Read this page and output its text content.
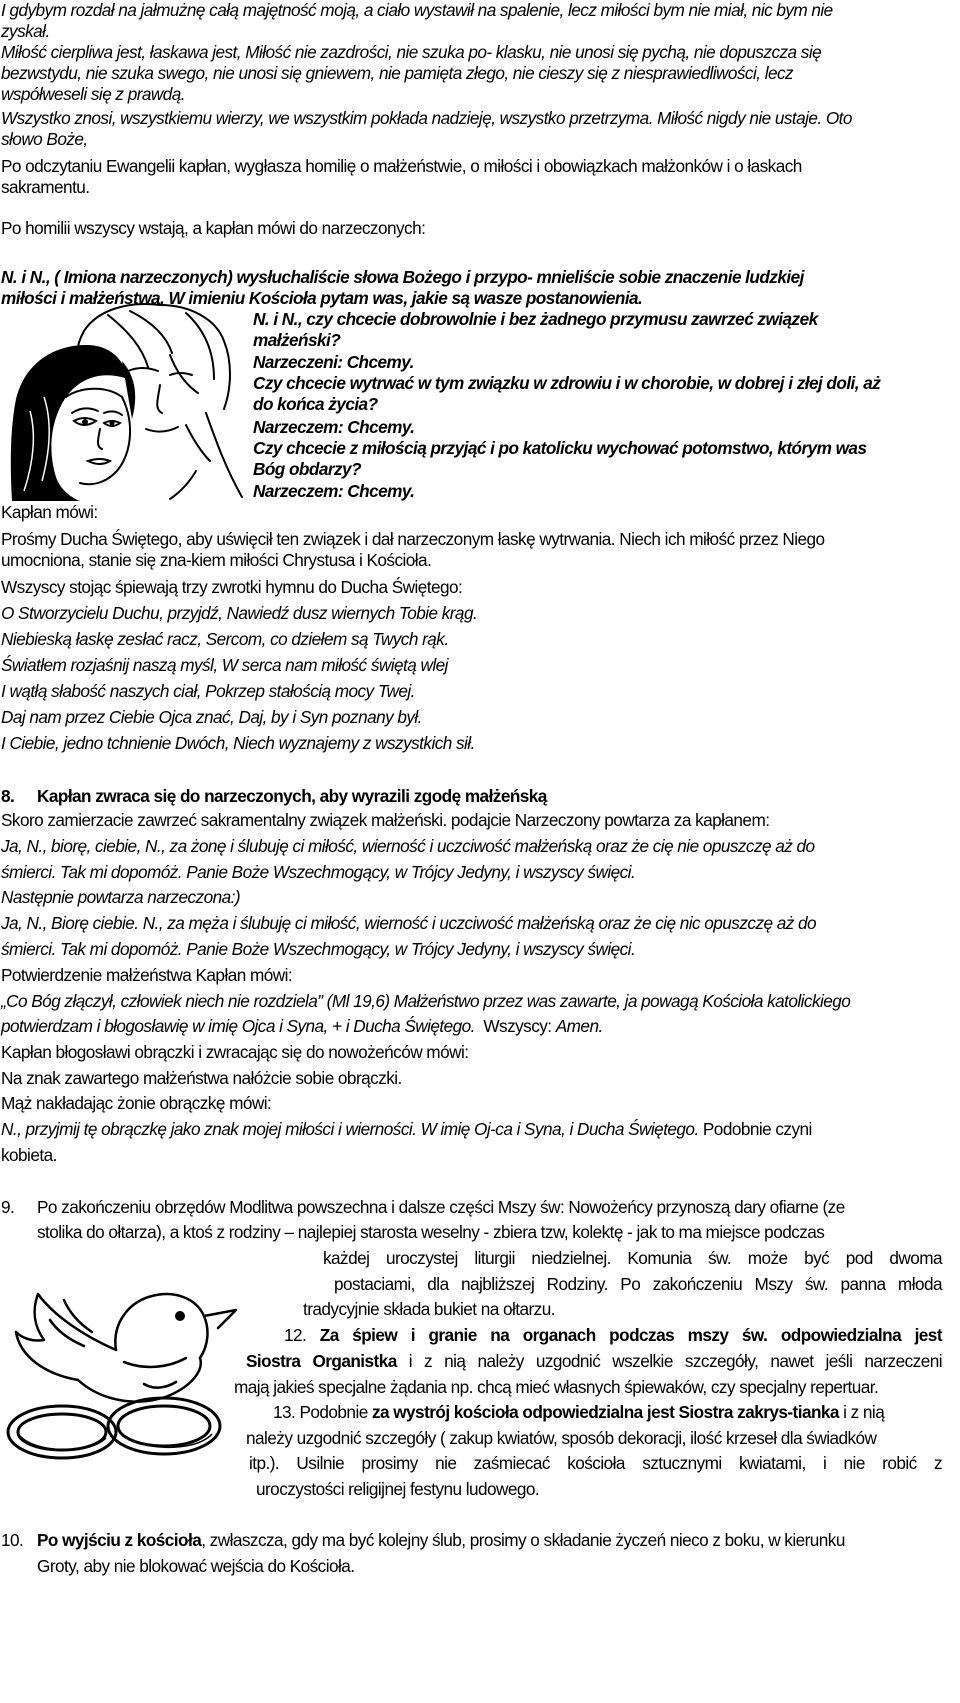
I gdybym rozdał na jałmużnę całą majętność moją, a ciało wystawił na spalenie, lecz miłości bym nie miał, nic bym nie
zyskał.
Miłość cierpliwa jest, łaskawa jest, Miłość nie zazdrości, nie szuka po- klasku, nie unosi się pychą, nie dopuszcza się
bezwstydu, nie szuka swego, nie unosi się gniewem, nie pamięta złego, nie cieszy się z niesprawiedliwości, lecz
współweseli się z prawdą.
Wszystko znosi, wszystkiemu wierzy, we wszystkim pokłada nadzieję, wszystko przetrzyma. Miłość nigdy nie ustaje. Oto
słowo Boże,
Po odczytaniu Ewangelii kapłan, wygłasza homilię o małżeństwie, o miłości i obowiązkach małżonków i o łaskach
sakramentu.
Po homilii wszyscy wstają, a kapłan mówi do narzeczonych:
N. i N., ( Imiona narzeczonych) wysłuchaliście słowa Bożego i przypo- mnieliście sobie znaczenie ludzkiej
miłości i małżeństwa. W imieniu Kościoła pytam was, jakie są wasze postanowienia.
N. i N., czy chcecie dobrowolnie i bez żadnego przymusu zawrzeć związek
małżeński?
Narzeczeni: Chcemy.
Czy chcecie wytrwać w tym związku w zdrowiu i w chorobie, w dobrej i złej doli, aż
do końca życia?
Narzeczem: Chcemy.
Czy chcecie z miłością przyjąć i po katolicku wychować potomstwo, którym was
Bóg obdarzy?
Narzeczem: Chcemy.
Kapłan mówi:
Prośmy Ducha Świętego, aby uświęcił ten związek i dał narzeczonym łaskę wytrwania. Niech ich miłość przez Niego
umocniona, stanie się zna-kiem miłości Chrystusa i Kościoła.
Wszyscy stojąc śpiewają trzy zwrotki hymnu do Ducha Świętego:
O Stworzycielu Duchu, przyjdź, Nawiedź dusz wiernych Tobie krąg.
Niebieską łaskę zesłać racz, Sercom, co dziełem są Twych rąk.
Światłem rozjaśnij naszą myśl, W serca nam miłość świętą wlej
I wątłą słabość naszych ciał, Pokrzep stałością mocy Twej.
Daj nam przez Ciebie Ojca znać, Daj, by i Syn poznany był.
I Ciebie, jedno tchnienie Dwóch, Niech wyznajemy z wszystkich sił.
8. Kapłan zwraca się do narzeczonych, aby wyrazili zgodę małżeńską
Skoro zamierzacie zawrzeć sakramentalny związek małżeński. podajcie Narzeczony powtarza za kapłanem:
Ja, N., biorę, ciebie, N., za żonę i ślubuję ci miłość, wierność i uczciwość małżeńską oraz że cię nie opuszczę aż do
śmierci. Tak mi dopomóż. Panie Boże Wszechmogący, w Trójcy Jedyny, i wszyscy święci.
Następnie powtarza narzeczona:)
Ja, N., Biorę ciebie. N., za męża i ślubuję ci miłość, wierność i uczciwość małżeńską oraz że cię nic opuszczę aż do
śmierci. Tak mi dopomóż. Panie Boże Wszechmogący, w Trójcy Jedyny, i wszyscy święci.
Potwierdzenie małżeństwa Kapłan mówi:
„Co Bóg złączył, człowiek niech nie rozdziela” (Ml 19,6) Małżeństwo przez was zawarte, ja powagą Kościoła katolickiego
potwierdzam i błogosławię w imię Ojca i Syna, + i Ducha Świętego.  Wszyscy: Amen.
Kapłan błogosławi obrączki i zwracając się do nowożeńców mówi:
Na znak zawartego małżeństwa nałóżcie sobie obrączki.
Mąż nakładając żonie obrączkę mówi:
N., przyjmij tę obrączkę jako znak mojej miłości i wierności. W imię Oj-ca i Syna, i Ducha Świętego. Podobnie czyni
kobieta.
9. Po zakończeniu obrzędów Modlitwa powszechna i dalsze części Mszy św: Nowożeńcy przynoszą dary ofiarne (ze
stolika do ołtarza), a ktoś z rodziny – najlepiej starosta weselny - zbiera tzw, kolektę - jak to ma miejsce podczas
każdej uroczystej liturgii niedzielnej. Komunia św. może być pod dwoma
postaciami, dla najbliższej Rodziny. Po zakończeniu Mszy św. panna młoda
tradycyjnie składa bukiet na ołtarzu.
12. Za śpiew i granie na organach podczas mszy św. odpowiedzialna jest
Siostra Organistka i z nią należy uzgodnić wszelkie szczegóły, nawet jeśli narzeczeni
mają jakieś specjalne żądania np. chcą mieć własnych śpiewaków, czy specjalny repertuar.
13. Podobnie za wystrój kościoła odpowiedzialna jest Siostra zakrys-tianka i z nią
należy uzgodnić szczegóły ( zakup kwiatów, sposób dekoracji, ilość krzeseł dla świadków
itp.). Usilnie prosimy nie zaśmiecać kościoła sztucznymi kwiatami, i nie robić z
uroczystości religijnej festynu ludowego.
10. Po wyjściu z kościoła, zwłaszcza, gdy ma być kolejny ślub, prosimy o składanie życzeń nieco z boku, w kierunku
Groty, aby nie blokować wejścia do Kościoła.
